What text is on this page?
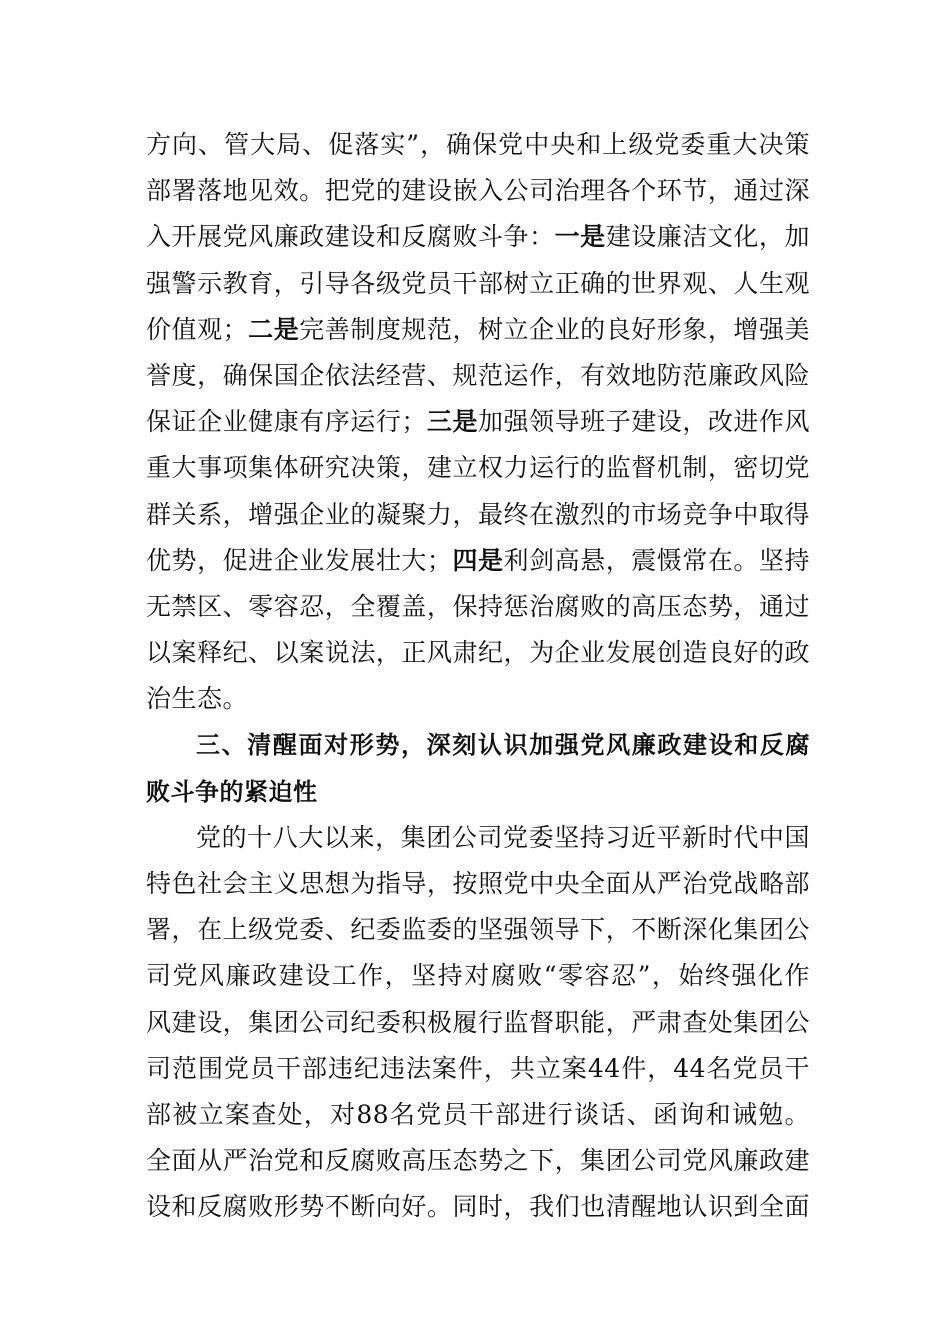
方向、管大局、促落实”，确保党中央和上级党委重大决策
部署落地见效。把党的建设嵌入公司治理各个环节，通过深
入开展党风廉政建设和反腐败斗争：一是建设廉洁文化，加
强警示教育，引导各级党员干部树立正确的世界观、人生观
价值观；二是完善制度规范，树立企业的良好形象，增强美
誉度，确保国企依法经营、规范运作，有效地防范廉政风险
保证企业健康有序运行；三是加强领导班子建设，改进作风
重大事项集体研究决策，建立权力运行的监督机制，密切党
群关系，增强企业的凝聚力，最终在激烈的市场竞争中取得
优势，促进企业发展壮大；四是利剑高悬，震慑常在。坚持
无禁区、零容忍，全覆盖，保持惩治腐败的高压态势，通过
以案释纪、以案说法，正风肃纪，为企业发展创造良好的政
治生态。
三、清醒面对形势，深刻认识加强党风廉政建设和反腐
败斗争的紧迫性
党的十八大以来，集团公司党委坚持习近平新时代中国
特色社会主义思想为指导，按照党中央全面从严治党战略部
署，在上级党委、纪委监委的坚强领导下，不断深化集团公
司党风廉政建设工作，坚持对腐败“零容忍”，始终强化作
风建设，集团公司纪委积极履行监督职能，严肃查处集团公
司范围党员干部违纪违法案件，共立案44件，44名党员干
部被立案查处，对88名党员干部进行谈话、函询和诫勉。
全面从严治党和反腐败高压态势之下，集团公司党风廉政建
设和反腐败形势不断向好。同时，我们也清醒地认识到全面
